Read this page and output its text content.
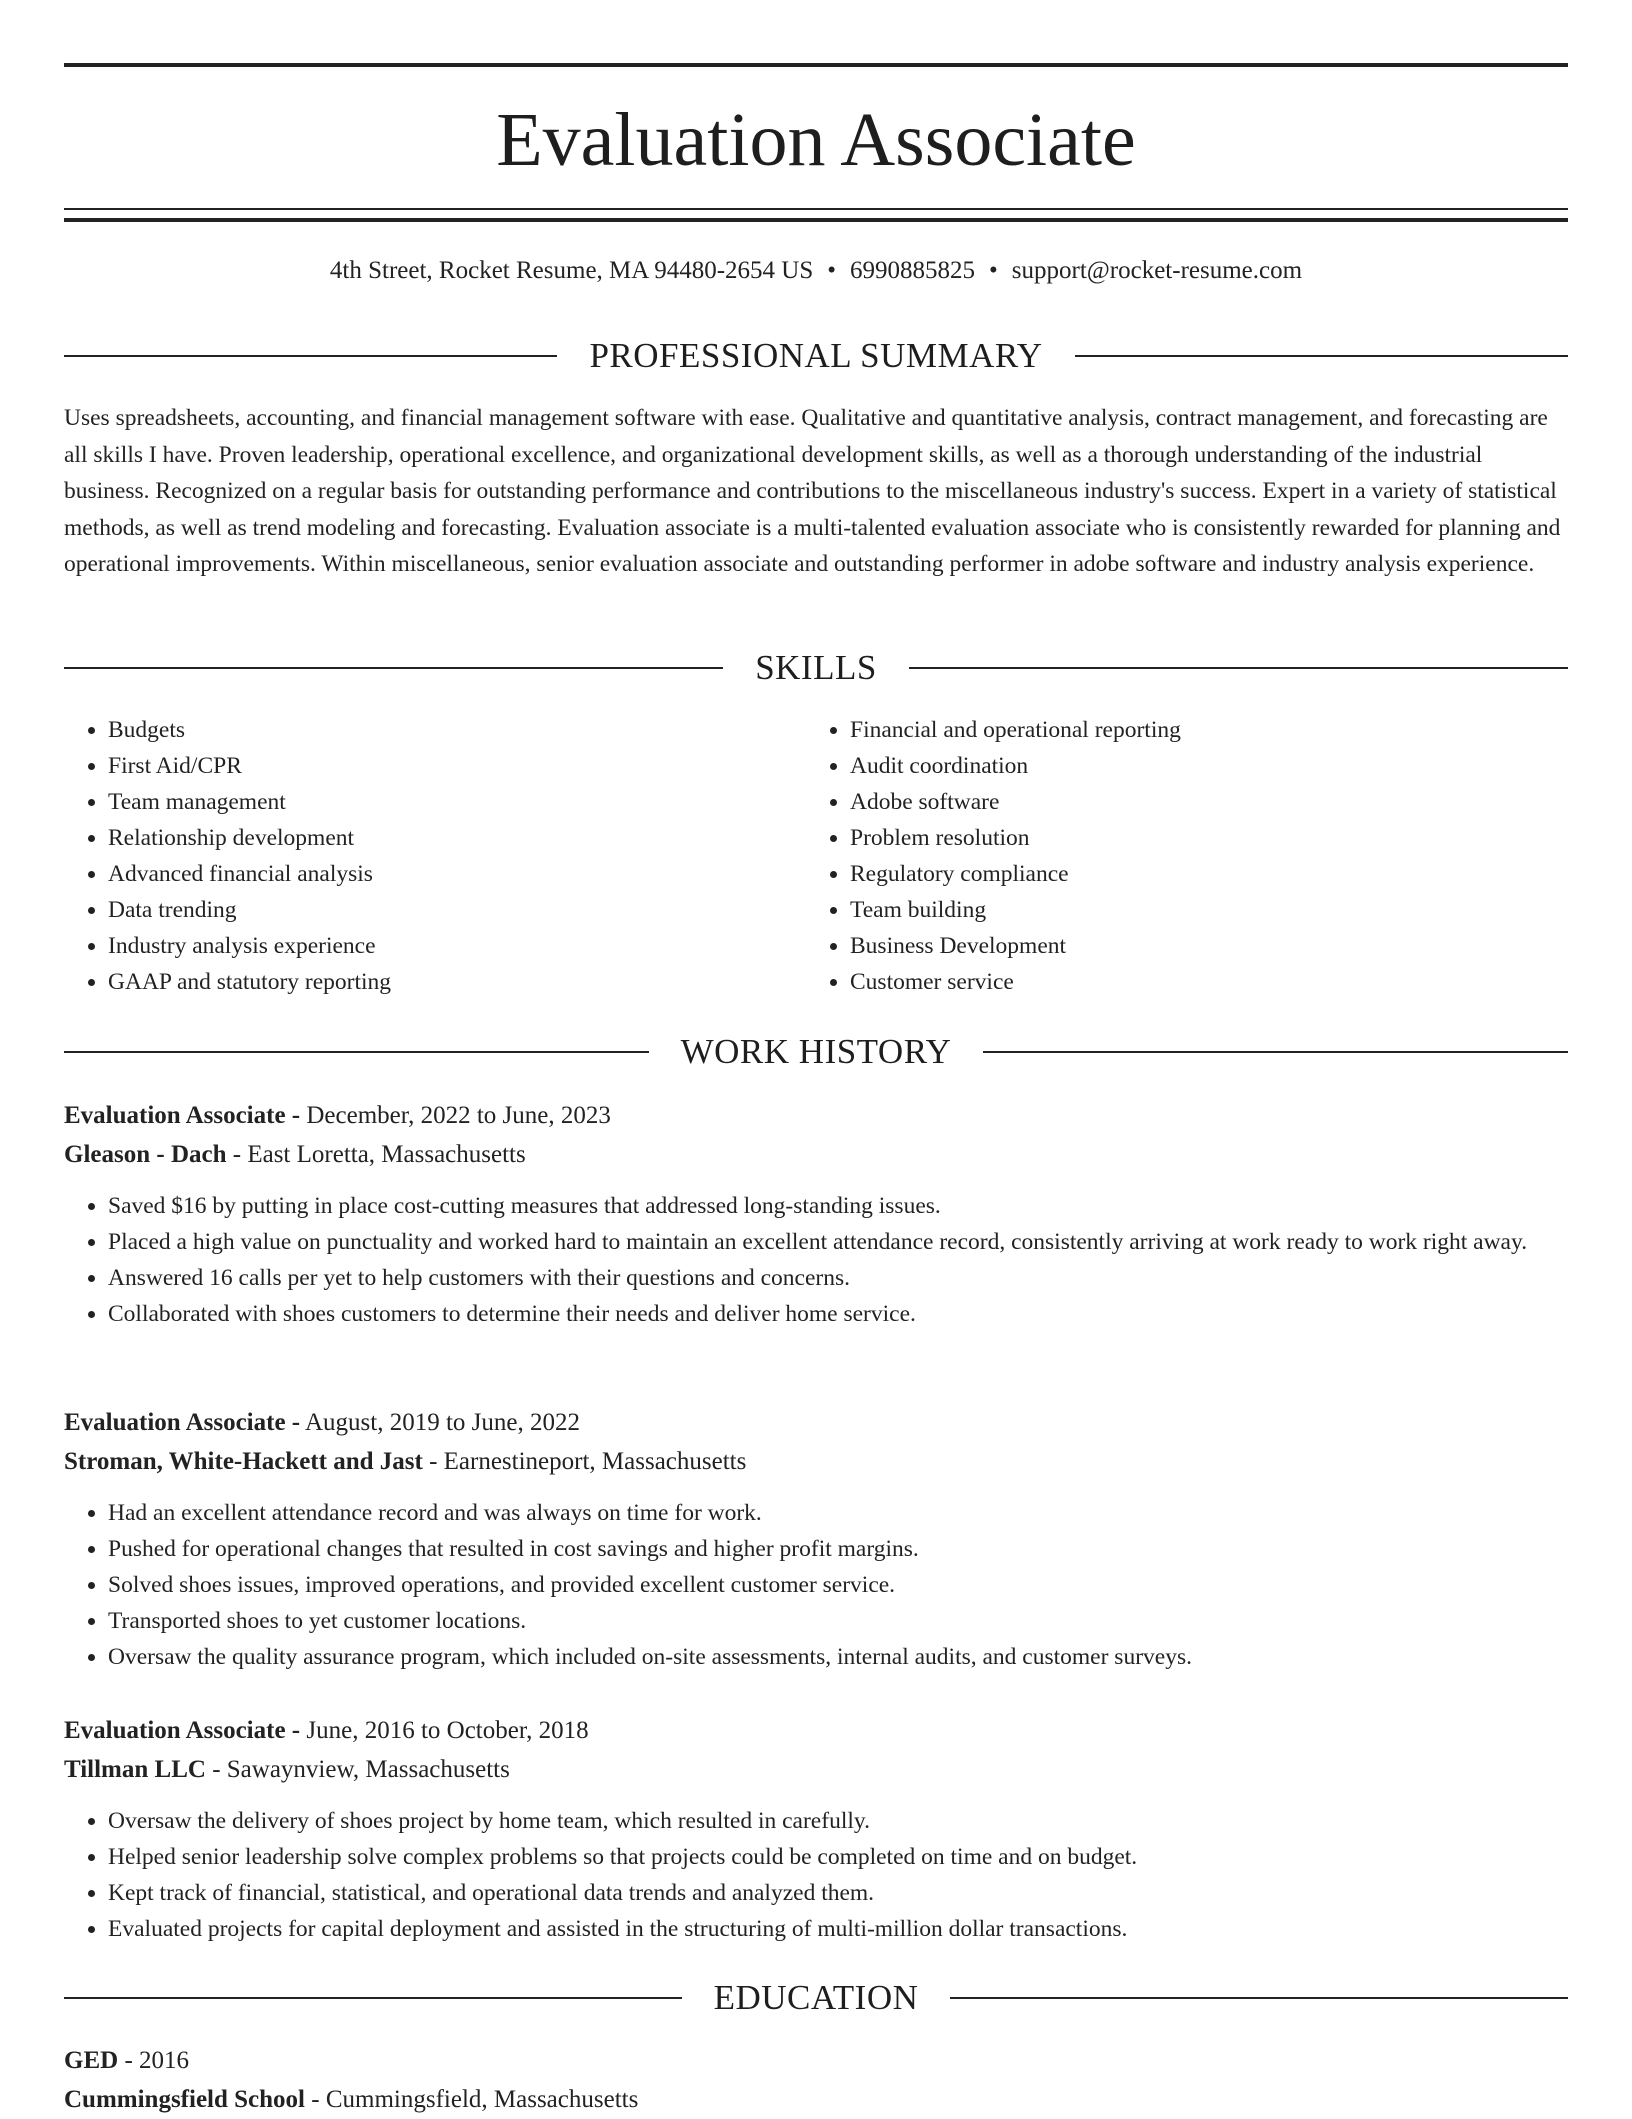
Evaluation Associate
4th Street, Rocket Resume, MA 94480-2654 US • 6990885825 • support@rocket-resume.com
PROFESSIONAL SUMMARY

Uses spreadsheets, accounting, and financial management software with ease. Qualitative and quantitative analysis, contract management, and forecasting are all skills I have. Proven leadership, operational excellence, and organizational development skills, as well as a thorough understanding of the industrial business. Recognized on a regular basis for outstanding performance and contributions to the miscellaneous industry's success. Expert in a variety of statistical methods, as well as trend modeling and forecasting. Evaluation associate is a multi-talented evaluation associate who is consistently rewarded for planning and operational improvements. Within miscellaneous, senior evaluation associate and outstanding performer in adobe software and industry analysis experience.

SKILLS
• Budgets
• First Aid/CPR
• Team management
• Relationship development
• Advanced financial analysis
• Data trending
• Industry analysis experience
• GAAP and statutory reporting
• Financial and operational reporting
• Audit coordination
• Adobe software
• Problem resolution
• Regulatory compliance
• Team building
• Business Development
• Customer service
WORK HISTORY
Evaluation Associate - December, 2022 to June, 2023
Gleason - Dach - East Loretta, Massachusetts
• Saved $16 by putting in place cost-cutting measures that addressed long-standing issues.
• Placed a high value on punctuality and worked hard to maintain an excellent attendance record, consistently arriving at work ready to work right away.
• Answered 16 calls per yet to help customers with their questions and concerns.
• Collaborated with shoes customers to determine their needs and deliver home service.
Evaluation Associate - August, 2019 to June, 2022
Stroman, White-Hackett and Jast - Earnestineport, Massachusetts
• Had an excellent attendance record and was always on time for work.
• Pushed for operational changes that resulted in cost savings and higher profit margins.
• Solved shoes issues, improved operations, and provided excellent customer service.
• Transported shoes to yet customer locations.
• Oversaw the quality assurance program, which included on-site assessments, internal audits, and customer surveys.
Evaluation Associate - June, 2016 to October, 2018
Tillman LLC - Sawaynview, Massachusetts
• Oversaw the delivery of shoes project by home team, which resulted in carefully.
• Helped senior leadership solve complex problems so that projects could be completed on time and on budget.
• Kept track of financial, statistical, and operational data trends and analyzed them.
• Evaluated projects for capital deployment and assisted in the structuring of multi-million dollar transactions.
EDUCATION
GED - 2016
Cummingsfield School - Cummingsfield, Massachusetts
